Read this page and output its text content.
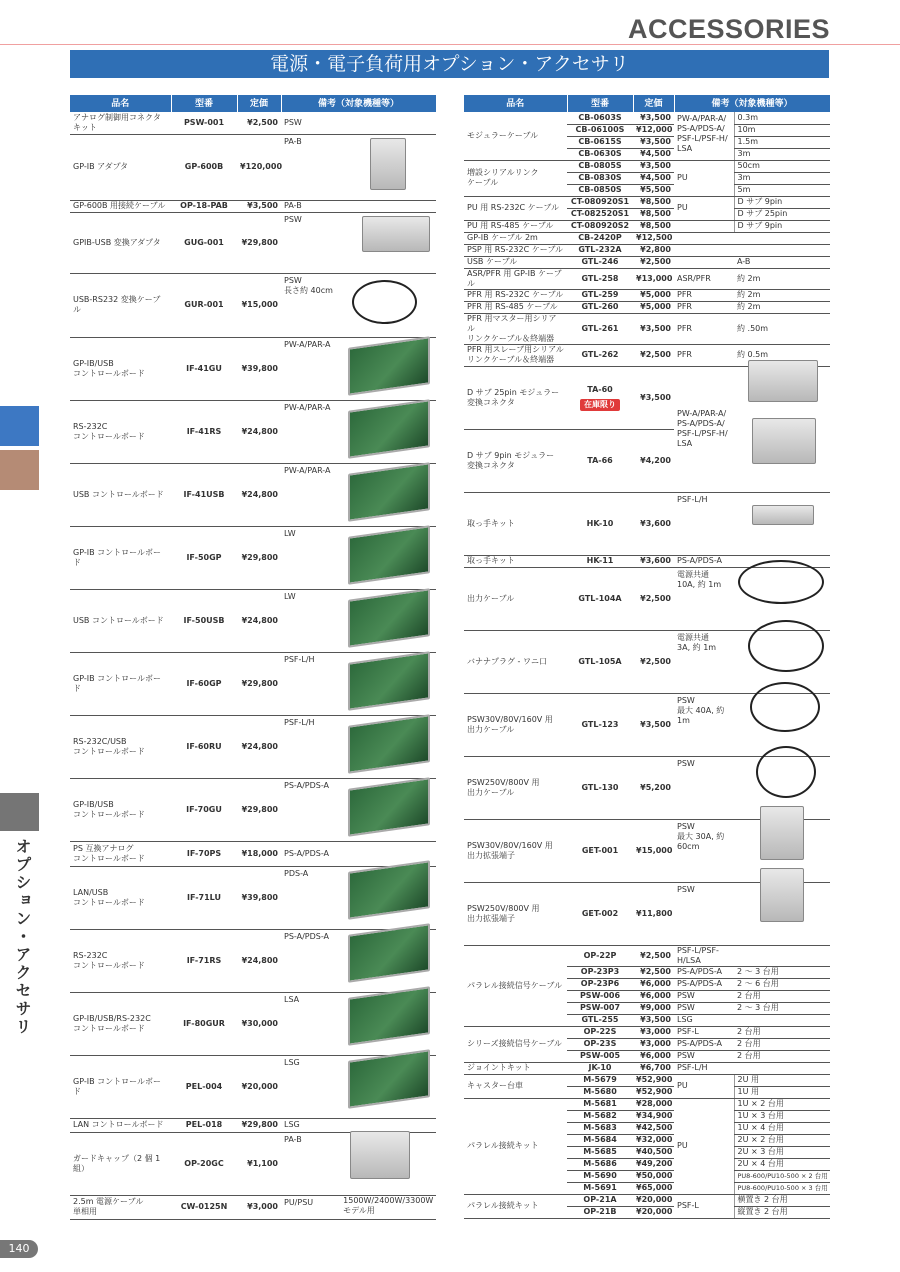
ACCESSORIES
電源・電子負荷用オプション・アクセサリ
オプション・アクセサリ
140
品名	型番	定価	備考（対象機種等）
アナログ制御用コネクタキット	PSW-001	¥2,500	PSW
GP-IB アダプタ	GP-600B	¥120,000	PA-B
GP-600B 用接続ケーブル	OP-18-PAB	¥3,500	PA-B
GPIB-USB 変換アダプタ	GUG-001	¥29,800	PSW
USB-RS232 変換ケーブル	GUR-001	¥15,000	PSW
長さ約 40cm
GP-IB/USB
コントロールボード	IF-41GU	¥39,800	PW-A/PAR-A
RS-232C
コントロールボード	IF-41RS	¥24,800	PW-A/PAR-A
USB コントロールボード	IF-41USB	¥24,800	PW-A/PAR-A
GP-IB コントロールボード	IF-50GP	¥29,800	LW
USB コントロールボード	IF-50USB	¥24,800	LW
GP-IB コントロールボード	IF-60GP	¥29,800	PSF-L/H
RS-232C/USB
コントロールボード	IF-60RU	¥24,800	PSF-L/H
GP-IB/USB
コントロールボード	IF-70GU	¥29,800	PS-A/PDS-A
PS 互換アナログ
コントロールボード	IF-70PS	¥18,000	PS-A/PDS-A
LAN/USB
コントロールボード	IF-71LU	¥39,800	PDS-A
RS-232C
コントロールボード	IF-71RS	¥24,800	PS-A/PDS-A
GP-IB/USB/RS-232C
コントロールボード	IF-80GUR	¥30,000	LSA
GP-IB コントロールボード	PEL-004	¥20,000	LSG
LAN コントロールボード	PEL-018	¥29,800	LSG
ガードキャップ（2 個 1 組）	OP-20GC	¥1,100	PA-B
2.5m 電源ケーブル
単相用	CW-0125N	¥3,000	PU/PSU 1500W/2400W/3300W
モデル用
品名	型番	定価	備考（対象機種等）	
モジュラーケーブル	CB-0603S	¥3,500	PW-A/PAR-A/
PS-A/PDS-A/
PSF-L/PSF-H/
LSA	0.3m
	CB-06100S	¥12,000		10m
	CB-0615S	¥3,500		1.5m
	CB-0630S	¥4,500		3m
増設シリアルリンク
ケーブル	CB-0805S	¥3,500	PU	50cm
	CB-0830S	¥4,500		3m
	CB-0850S	¥5,500		5m
PU 用 RS-232C ケーブル	CT-080920S1	¥8,500	PU	D サブ 9pin
	CT-082520S1	¥8,500		D サブ 25pin
PU 用 RS-485 ケーブル	CT-080920S2	¥8,500		D サブ 9pin
GP-IB ケーブル 2m	CB-2420P	¥12,500		
PSP 用 RS-232C ケーブル	GTL-232A	¥2,800		
USB ケーブル	GTL-246	¥2,500		A-B
ASR/PFR 用 GP-IB ケーブル	GTL-258	¥13,000	ASR/PFR	約 2m
PFR 用 RS-232C ケーブル	GTL-259	¥5,000	PFR	約 2m
PFR 用 RS-485 ケーブル	GTL-260	¥5,000	PFR	約 2m
PFR 用マスター用シリアル
リンクケーブル＆終端器	GTL-261	¥3,500	PFR	約 .50m
PFR 用スレーブ用シリアル
リンクケーブル＆終端器	GTL-262	¥2,500	PFR	約 0.5m
D サブ 25pin モジュラー
変換コネクタ	TA-60
在庫限り	¥3,500	PW-A/PAR-A/
PS-A/PDS-A/
PSF-L/PSF-H/
LSA	
D サブ 9pin モジュラー
変換コネクタ	TA-66	¥4,200		
取っ手キット	HK-10	¥3,600	PSF-L/H	
取っ手キット	HK-11	¥3,600	PS-A/PDS-A	
出力ケーブル	GTL-104A	¥2,500	電源共通
10A, 約 1m	
バナナプラグ - ワニ口	GTL-105A	¥2,500	電源共通
3A, 約 1m	
PSW30V/80V/160V 用
出力ケーブル	GTL-123	¥3,500	PSW
最大 40A, 約
1m	
PSW250V/800V 用
出力ケーブル	GTL-130	¥5,200	PSW	
PSW30V/80V/160V 用
出力拡張端子	GET-001	¥15,000	PSW
最大 30A, 約
60cm	
PSW250V/800V 用
出力拡張端子	GET-002	¥11,800	PSW	
パラレル接続信号ケーブル	OP-22P	¥2,500	PSF-L/PSF-H/LSA	
	OP-23P3	¥2,500	PS-A/PDS-A	2 ～ 3 台用
	OP-23P6	¥6,000	PS-A/PDS-A	2 ～ 6 台用
	PSW-006	¥6,000	PSW	2 台用
	PSW-007	¥9,000	PSW	2 ～ 3 台用
	GTL-255	¥3,500	LSG	
シリーズ接続信号ケーブル	OP-22S	¥3,000	PSF-L	2 台用
	OP-23S	¥3,000	PS-A/PDS-A	2 台用
	PSW-005	¥6,000	PSW	2 台用
ジョイントキット	JK-10	¥6,700	PSF-L/H	
キャスター台車	M-5679	¥52,900	PU	2U 用
	M-5680	¥52,900		1U 用
パラレル接続キット	M-5681	¥28,000	PU	1U × 2 台用
	M-5682	¥34,900		1U × 3 台用
	M-5683	¥42,500		1U × 4 台用
	M-5684	¥32,000		2U × 2 台用
	M-5685	¥40,500		2U × 3 台用
	M-5686	¥49,200		2U × 4 台用
	M-5690	¥50,000		PU8-600/PU10-500 × 2 台用
	M-5691	¥65,000		PU8-600/PU10-500 × 3 台用
パラレル接続キット	OP-21A	¥20,000	PSF-L	横置き 2 台用
	OP-21B	¥20,000		縦置き 2 台用
